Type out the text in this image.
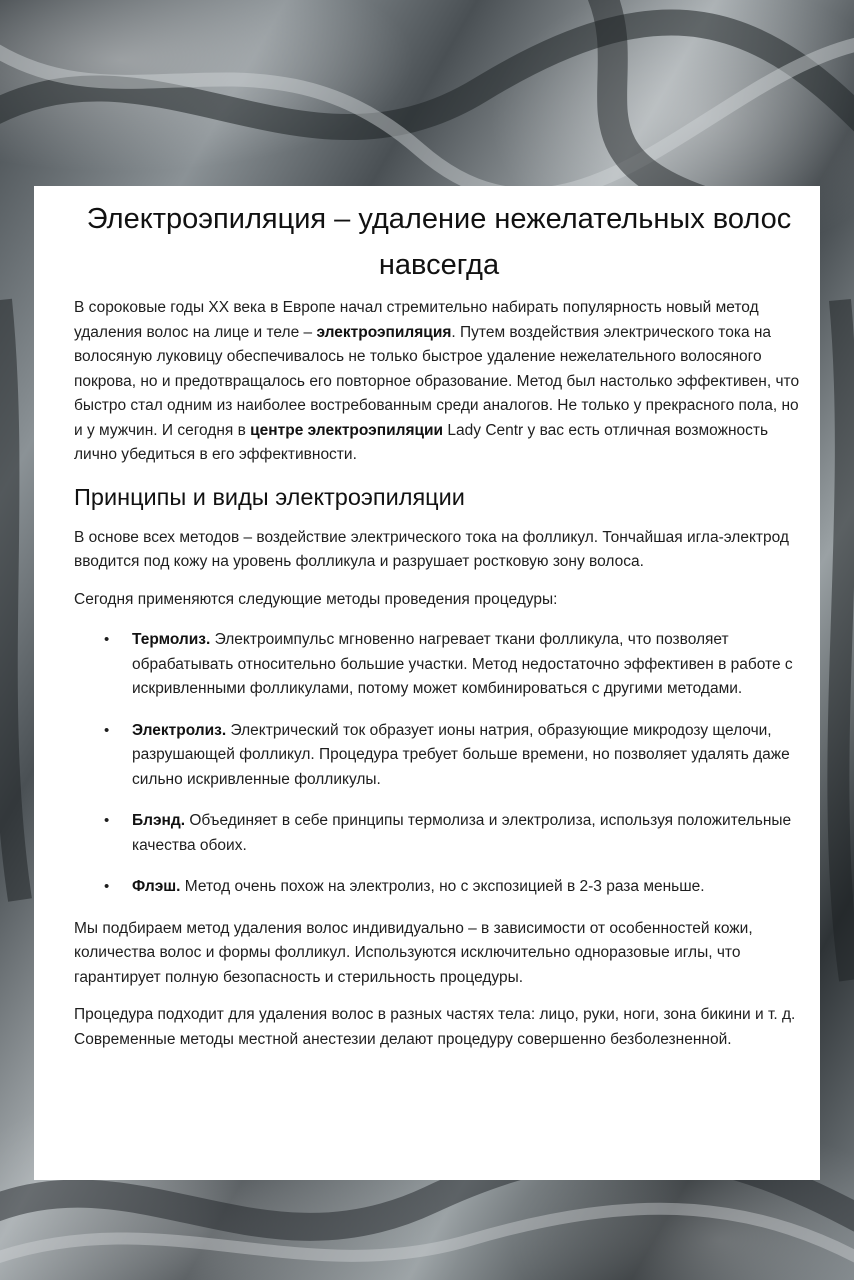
Электроэпиляция – удаление нежелательных волос навсегда

В сороковые годы XX века в Европе начал стремительно набирать популярность новый метод удаления волос на лице и теле – электроэпиляция. Путем воздействия электрического тока на волосяную луковицу обеспечивалось не только быстрое удаление нежелательного волосяного покрова, но и предотвращалось его повторное образование. Метод был настолько эффективен, что быстро стал одним из наиболее востребованным среди аналогов. Не только у прекрасного пола, но и у мужчин. И сегодня в центре электроэпиляции Lady Centr у вас есть отличная возможность лично убедиться в его эффективности.

Принципы и виды электроэпиляции

В основе всех методов – воздействие электрического тока на фолликул. Тончайшая игла-электрод вводится под кожу на уровень фолликула и разрушает ростковую зону волоса.

Сегодня применяются следующие методы проведения процедуры:

• Термолиз. Электроимпульс мгновенно нагревает ткани фолликула, что позволяет обрабатывать относительно большие участки. Метод недостаточно эффективен в работе с искривленными фолликулами, потому может комбинироваться с другими методами.
• Электролиз. Электрический ток образует ионы натрия, образующие микродозу щелочи, разрушающей фолликул. Процедура требует больше времени, но позволяет удалять даже сильно искривленные фолликулы.
• Блэнд. Объединяет в себе принципы термолиза и электролиза, используя положительные качества обоих.
• Флэш. Метод очень похож на электролиз, но с экспозицией в 2-3 раза меньше.

Мы подбираем метод удаления волос индивидуально – в зависимости от особенностей кожи, количества волос и формы фолликул. Используются исключительно одноразовые иглы, что гарантирует полную безопасность и стерильность процедуры.

Процедура подходит для удаления волос в разных частях тела: лицо, руки, ноги, зона бикини и т. д. Современные методы местной анестезии делают процедуру совершенно безболезненной.
